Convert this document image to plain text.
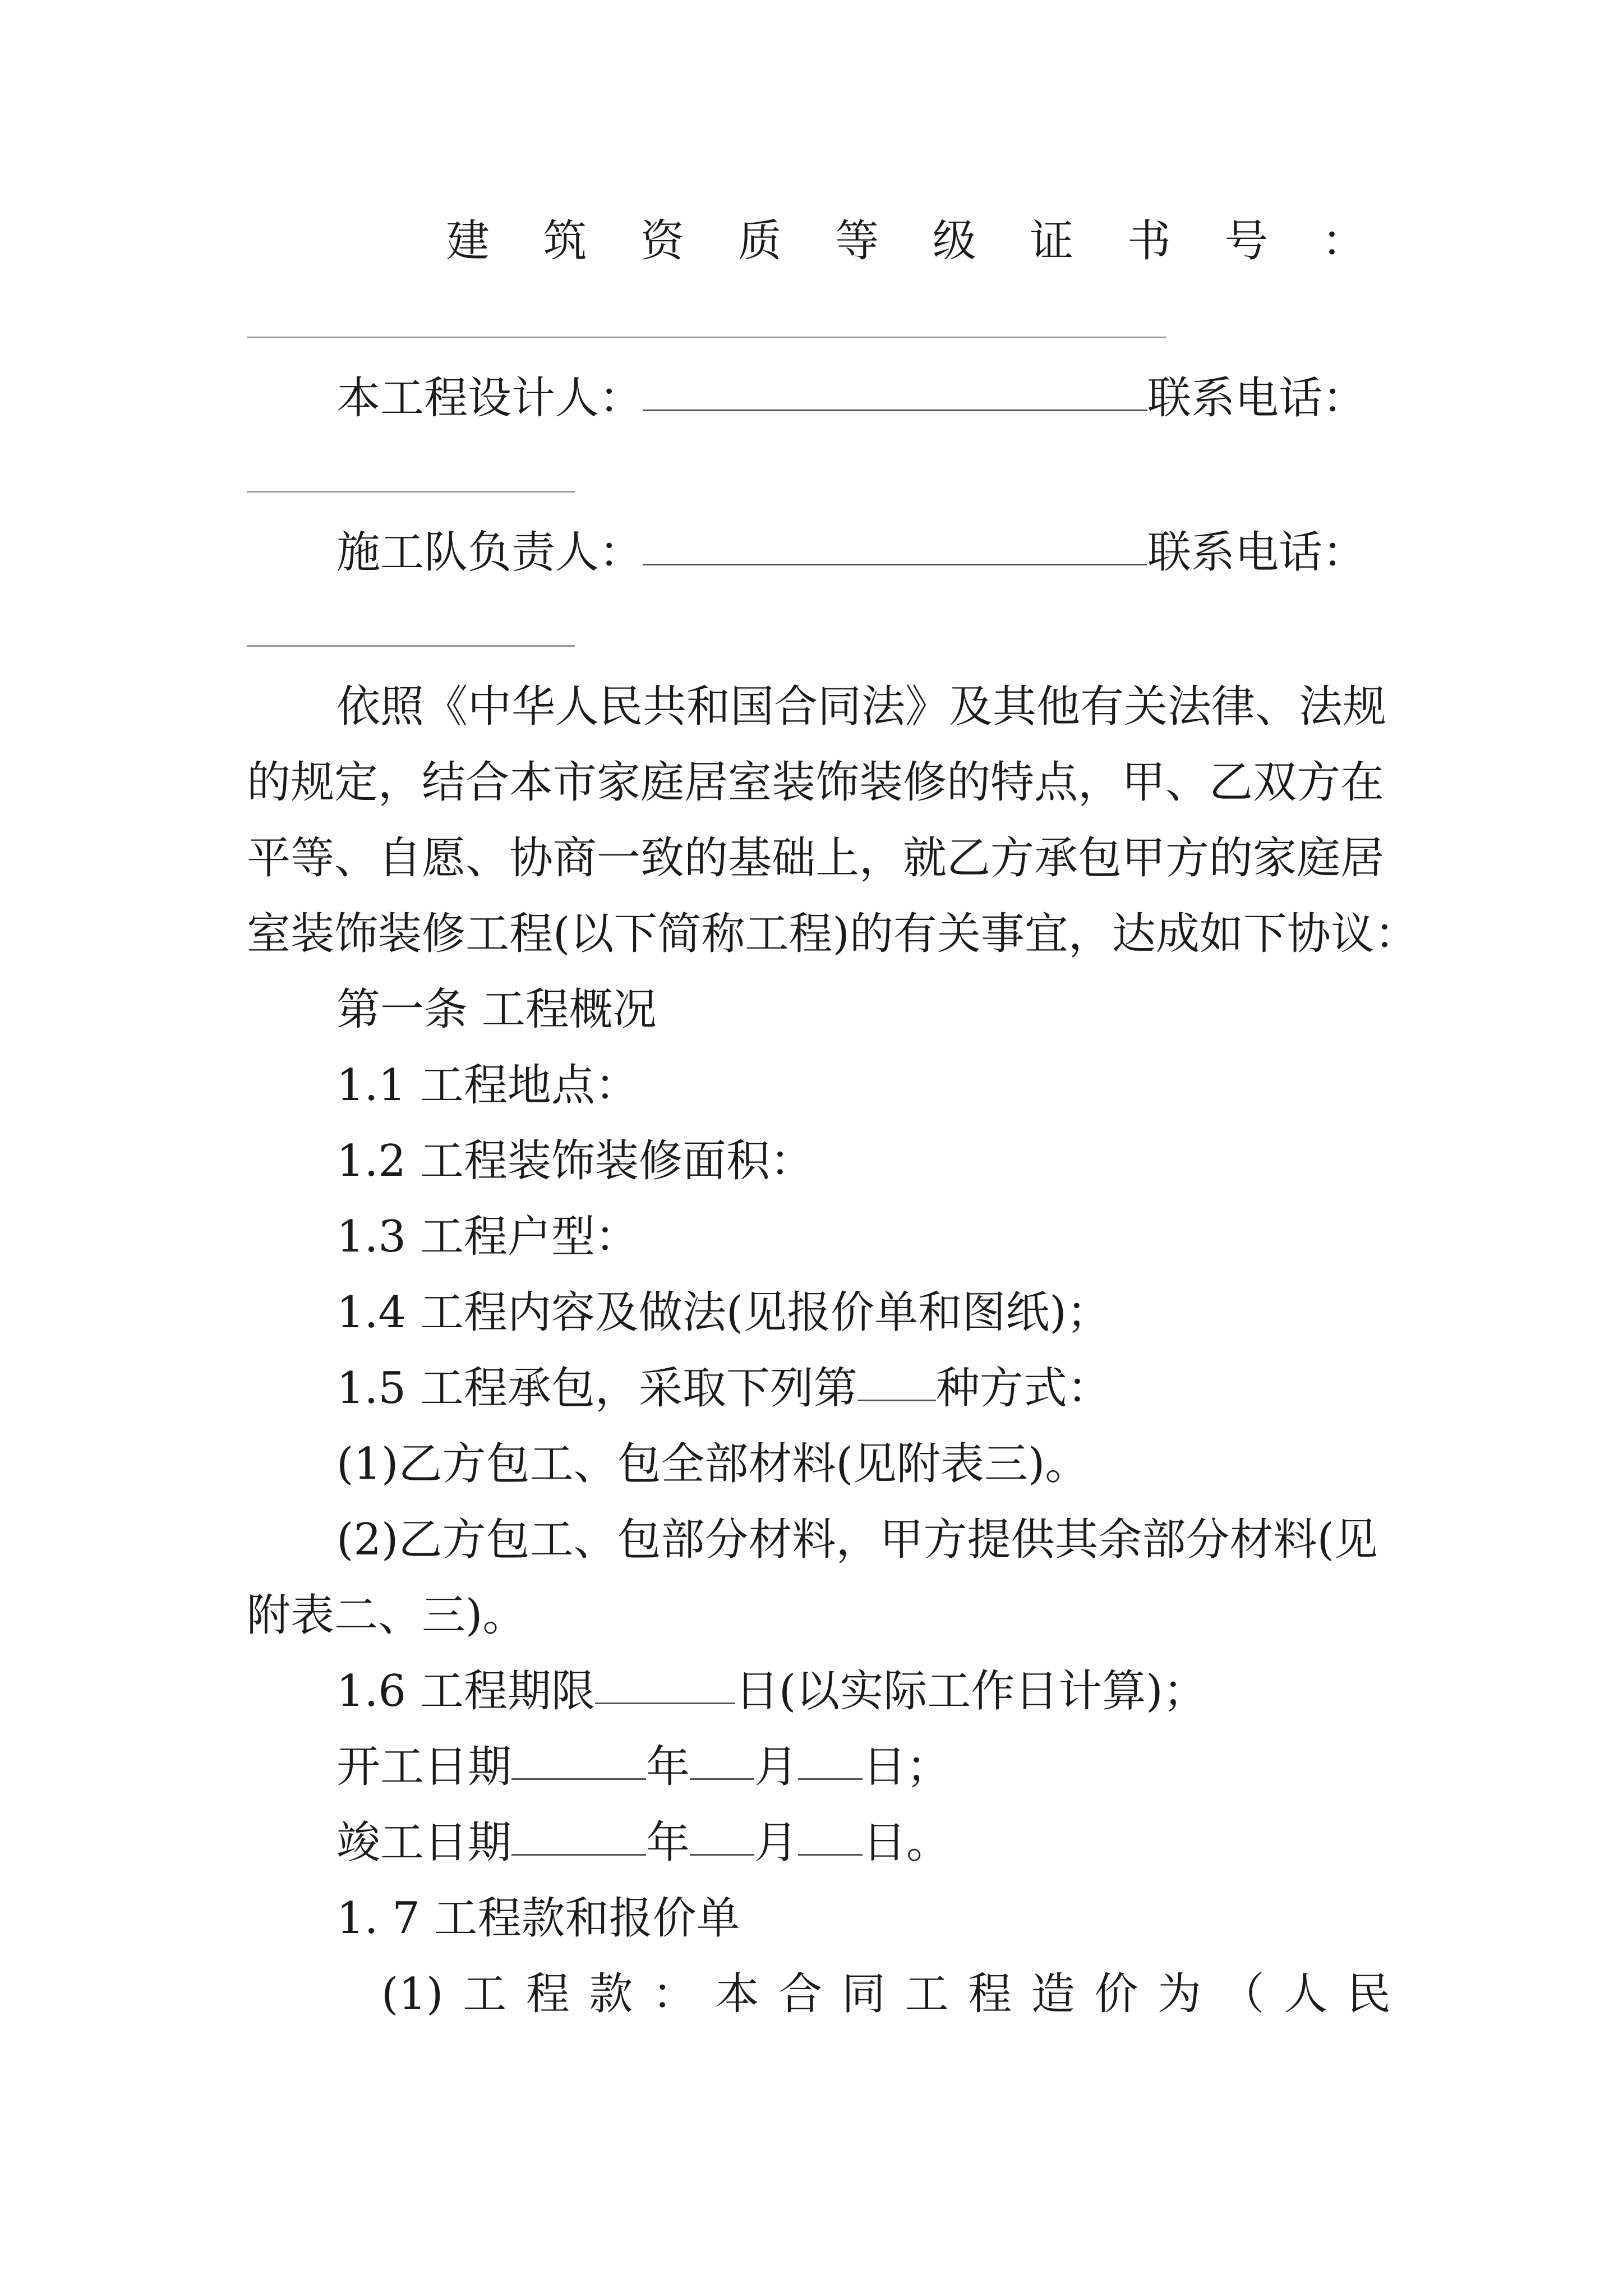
建 筑 资 质 等 级 证 书 号 ：
本工程设计人：	联系电话：
施工队负责人：	联系电话：
依照《中华人民共和国合同法》及其他有关法律、法规
的规定，结合本市家庭居室装饰装修的特点，甲、乙双方在
平等、自愿、协商一致的基础上，就乙方承包甲方的家庭居
室装饰装修工程(以下简称工程)的有关事宜，达成如下协议：
第一条 工程概况
1.1 工程地点：
1.2 工程装饰装修面积：
1.3 工程户型：
1.4 工程内容及做法(见报价单和图纸)；
1.5 工程承包，采取下列第 种方式：
(1)乙方包工、包全部材料(见附表三)。
(2)乙方包工、包部分材料，甲方提供其余部分材料(见
附表二、三)。
1.6 工程期限	日(以实际工作日计算)；
开工日期	年 月 日；
竣工日期	年 月 日。
1. 7 工程款和报价单
(1) 工 程 款 ： 本 合 同 工 程 造 价 为 （ 人 民
